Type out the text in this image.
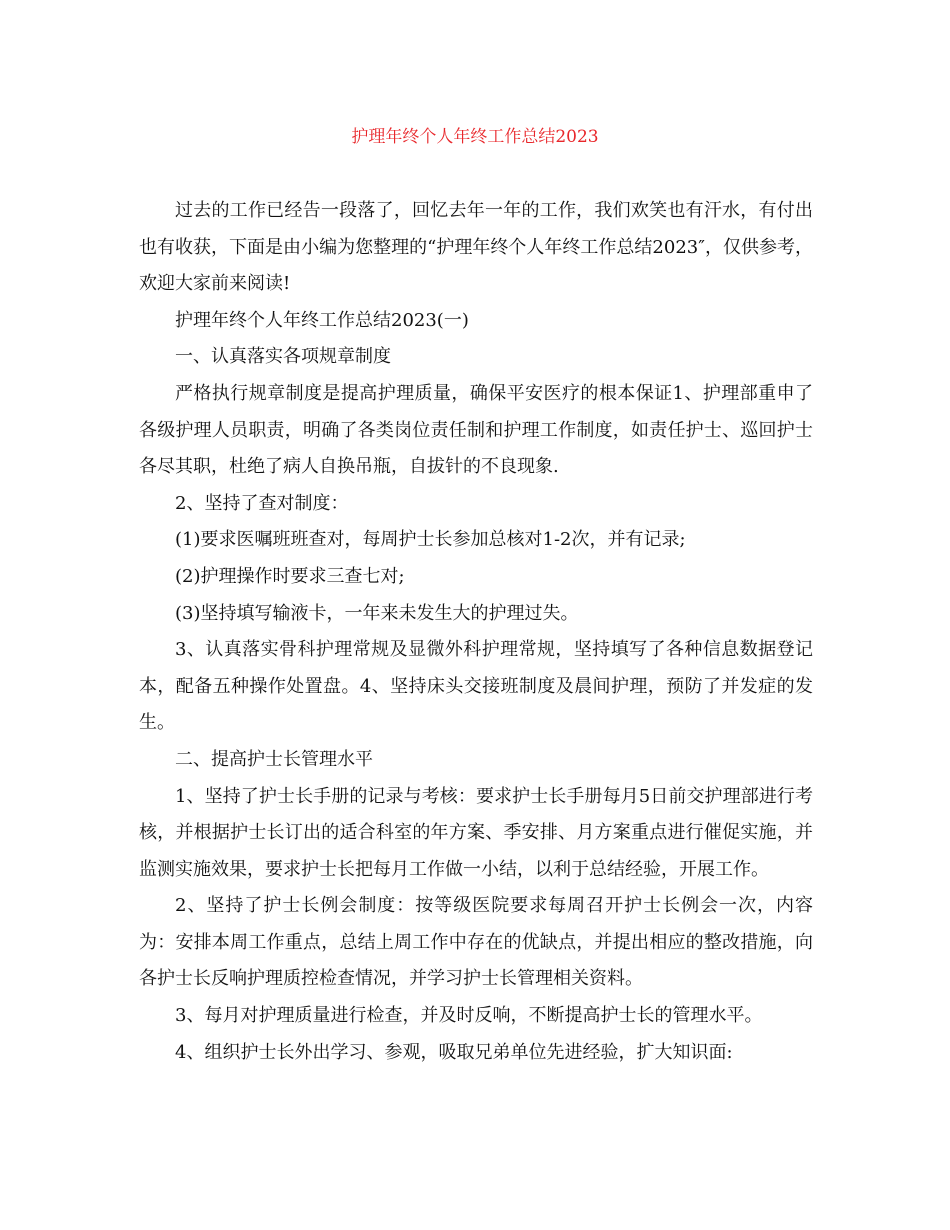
护理年终个人年终工作总结2023

过去的工作已经告一段落了，回忆去年一年的工作，我们欢笑也有汗水，有付出也有收获，下面是由小编为您整理的“护理年终个人年终工作总结2023″，仅供参考，欢迎大家前来阅读!

护理年终个人年终工作总结2023(一)

一、认真落实各项规章制度

严格执行规章制度是提高护理质量，确保平安医疗的根本保证1、护理部重申了各级护理人员职责，明确了各类岗位责任制和护理工作制度，如责任护士、巡回护士各尽其职，杜绝了病人自换吊瓶，自拔针的不良现象.

2、坚持了查对制度：

(1)要求医嘱班班查对，每周护士长参加总核对1-2次，并有记录;

(2)护理操作时要求三查七对;

(3)坚持填写输液卡，一年来未发生大的护理过失。

3、认真落实骨科护理常规及显微外科护理常规，坚持填写了各种信息数据登记本，配备五种操作处置盘。4、坚持床头交接班制度及晨间护理，预防了并发症的发生。

二、提高护士长管理水平

1、坚持了护士长手册的记录与考核：要求护士长手册每月5日前交护理部进行考核，并根据护士长订出的适合科室的年方案、季安排、月方案重点进行催促实施，并监测实施效果，要求护士长把每月工作做一小结，以利于总结经验，开展工作。

2、坚持了护士长例会制度：按等级医院要求每周召开护士长例会一次，内容为：安排本周工作重点，总结上周工作中存在的优缺点，并提出相应的整改措施，向各护士长反响护理质控检查情况，并学习护士长管理相关资料。

3、每月对护理质量进行检查，并及时反响，不断提高护士长的管理水平。

4、组织护士长外出学习、参观，吸取兄弟单位先进经验，扩大知识面:
